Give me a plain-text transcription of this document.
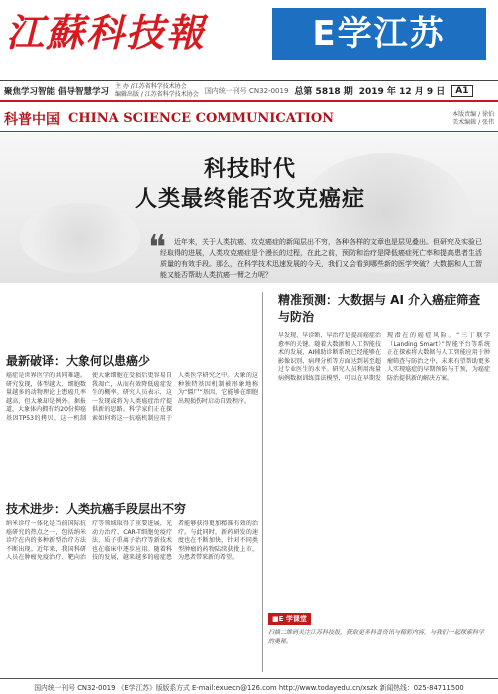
江蘇科技報	E学江苏
聚焦学习智能 倡导智慧学习
主 办 /江苏省科学技术协会
编辑出版 / 江苏省科学技术协会 国内统一刊号 CN32-0019 总第 5818 期 2019 年 12 月 9 日	A1
科普中国 CHINA SCIENCE COMMUNICATION	本版责编 / 徐伯
美术编辑 / 张伟
科技时代
人类最终能否攻克癌症
❝	近年来，关于人类抗癌、攻克癌症的新闻层出不穷，各种各样的文章也是层见叠出。但研究及实验已经取得的进展，人类攻克癌症是个漫长的过程，在此之前，预防和治疗是降低癌症死亡率和提高患者生活质量的有效手段。那么，在科学技术迅速发展的今天，我们又会看到哪些新的医学突破？大数据和人工智能又能否帮助人类抗癌一臂之力呢？
最新破译：大象何以患癌少
癌症是世界医学的共同难题。研究发现，体型越大、细胞数量越多的动物理论上患癌几率越高，但大象却是例外。据报道，大象体内拥有约20份抑癌基因TP53的拷贝，这一机制使大象细胞在受损后更容易自我凋亡，从而有效降低癌症发生的概率。研究人员表示，这一发现或将为人类癌症治疗提供新的思路。科学家们正在探索如何将这一抗癌机制应用于人类医学研究之中。大象的这种独特基因机制被形象地称为“僵尸”基因，它能够在细胞出现损伤时启动自毁程序。
技术进步：人类抗癌手段层出不穷
纳米诊疗一体化是当前国际抗癌研究的热点之一，包括纳米诊疗在内的多种新型治疗方法不断出现。近年来，我国科研人员在肿瘤免疫治疗、靶向治疗等领域取得了重要进展，光动力治疗、CAR-T细胞免疫疗法、质子重离子治疗等新技术也在临床中逐步应用。随着科技的发展，越来越多的癌症患者能够获得更加精准有效的治疗。与此同时，新药研发的速度也在不断加快，针对不同类型肿瘤的药物陆续获批上市，为患者带来新的希望。
精准预测：大数据与 AI 介入癌症筛查与防治
早发现、早诊断、早治疗是提高癌症治愈率的关键。随着大数据和人工智能技术的发展，AI辅助诊断系统已经能够在影像识别、病理分析等方面达到甚至超过专业医生的水平。研究人员利用海量病例数据训练算法模型，可以在早期发现潜在的癌症风险。“三丁联学（Landing Smart）”智能平台等系统正在探索将大数据与人工智能应用于肿瘤筛查与防治之中，未来有望帮助更多人实现癌症的早期预防与干预，为癌症防治提供新的解决方案。
■E 学课堂
扫描二维码关注江苏科技报，获取更多科普资讯与精彩内容，与我们一起探索科学的奥秘。
国内统一刊号 CN32-0019 《E学江苏》版版系方式 E-mail:exuecn@126.com http://www.todayedu.cn/xszk 新闻热线：025-84711500
